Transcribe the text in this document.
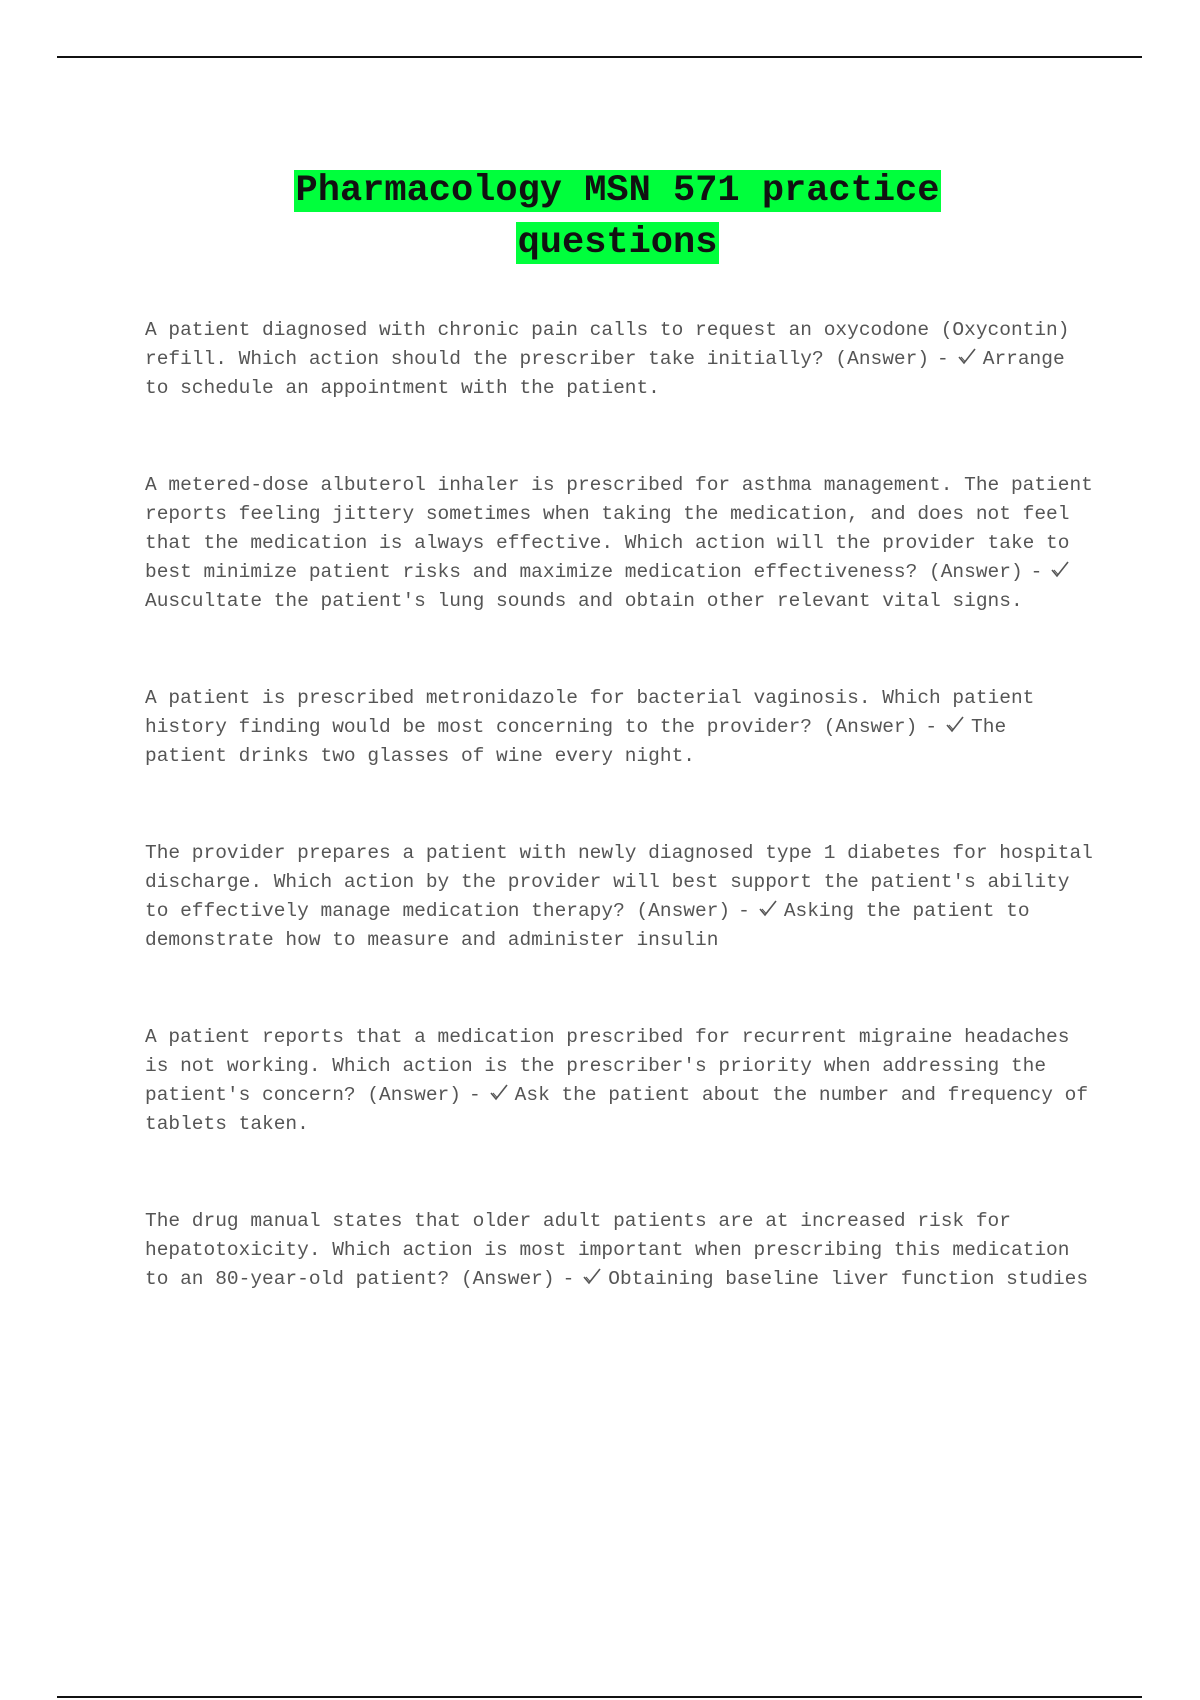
Pharmacology MSN 571 practice
questions
A patient diagnosed with chronic pain calls to request an oxycodone (Oxycontin) refill. Which action should the prescriber take initially? (Answer) - Arrange to schedule an appointment with the patient.
A metered-dose albuterol inhaler is prescribed for asthma management. The patient reports feeling jittery sometimes when taking the medication, and does not feel that the medication is always effective. Which action will the provider take to best minimize patient risks and maximize medication effectiveness? (Answer) -
Auscultate the patient's lung sounds and obtain other relevant vital signs.
A patient is prescribed metronidazole for bacterial vaginosis. Which patient history finding would be most concerning to the provider? (Answer) - The patient drinks two glasses of wine every night.
The provider prepares a patient with newly diagnosed type 1 diabetes for hospital discharge. Which action by the provider will best support the patient's ability to effectively manage medication therapy? (Answer) - Asking the patient to demonstrate how to measure and administer insulin
A patient reports that a medication prescribed for recurrent migraine headaches is not working. Which action is the prescriber's priority when addressing the patient's concern? (Answer) - Ask the patient about the number and frequency of tablets taken.
The drug manual states that older adult patients are at increased risk for hepatotoxicity. Which action is most important when prescribing this medication to an 80-year-old patient? (Answer) - Obtaining baseline liver function studies
